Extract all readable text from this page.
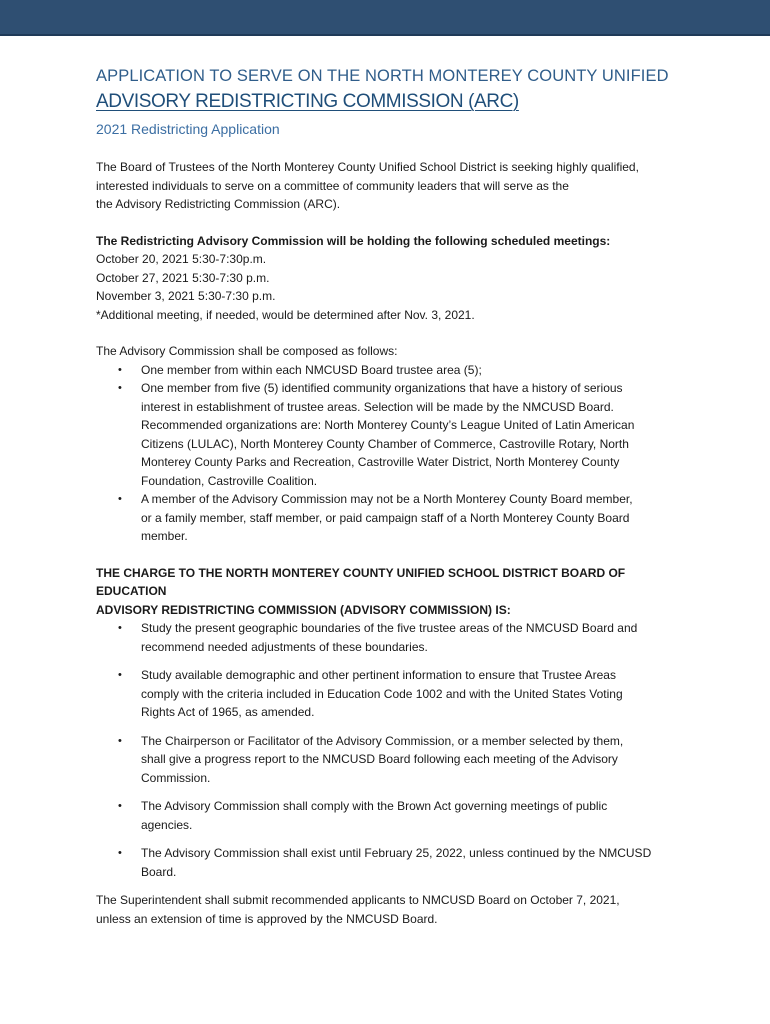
APPLICATION TO SERVE ON THE NORTH MONTEREY COUNTY UNIFIED

ADVISORY REDISTRICTING COMMISSION (ARC)

2021 Redistricting Application

The Board of Trustees of the North Monterey County Unified School District is seeking highly qualified,

interested individuals to serve on a committee of community leaders that will serve as the

the Advisory Redistricting Commission (ARC).

The Redistricting Advisory Commission will be holding the following scheduled meetings:

October 20, 2021 5:30-7:30p.m.

October 27, 2021 5:30-7:30 p.m.

November 3, 2021 5:30-7:30 p.m.

*Additional meeting, if needed, would be determined after Nov. 3, 2021.

The Advisory Commission shall be composed as follows:

• One member from within each NMCUSD Board trustee area (5);
• One member from five (5) identified community organizations that have a history of serious
interest in establishment of trustee areas. Selection will be made by the NMCUSD Board.
Recommended organizations are: North Monterey County’s League United of Latin American
Citizens (LULAC), North Monterey County Chamber of Commerce, Castroville Rotary, North
Monterey County Parks and Recreation, Castroville Water District, North Monterey County
Foundation, Castroville Coalition.
• A member of the Advisory Commission may not be a North Monterey County Board member,
or a family member, staff member, or paid campaign staff of a North Monterey County Board
member.

THE CHARGE TO THE NORTH MONTEREY COUNTY UNIFIED SCHOOL DISTRICT BOARD OF EDUCATION

ADVISORY REDISTRICTING COMMISSION (ADVISORY COMMISSION) IS:

• Study the present geographic boundaries of the five trustee areas of the NMCUSD Board and
recommend needed adjustments of these boundaries.
• Study available demographic and other pertinent information to ensure that Trustee Areas
comply with the criteria included in Education Code 1002 and with the United States Voting
Rights Act of 1965, as amended.
• The Chairperson or Facilitator of the Advisory Commission, or a member selected by them,
shall give a progress report to the NMCUSD Board following each meeting of the Advisory
Commission.
• The Advisory Commission shall comply with the Brown Act governing meetings of public
agencies.
• The Advisory Commission shall exist until February 25, 2022, unless continued by the NMCUSD
Board.

The Superintendent shall submit recommended applicants to NMCUSD Board on October 7, 2021,

unless an extension of time is approved by the NMCUSD Board.
